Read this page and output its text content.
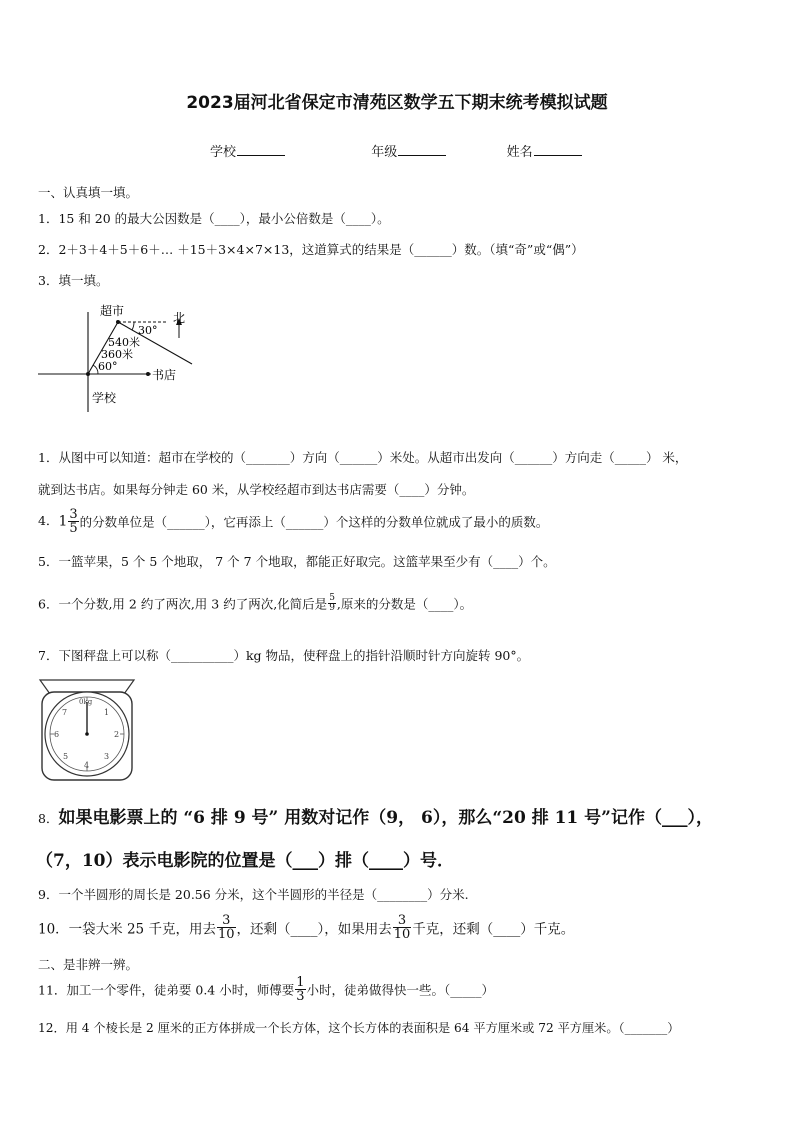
2023届河北省保定市清苑区数学五下期末统考模拟试题
学校	年级	姓名
一、认真填一填。
1．15 和 20 的最大公因数是（____），最小公倍数是（____）。
2．2＋3＋4＋5＋6＋… ＋15＋3×4×7×13，这道算式的结果是（______）数。（填“奇”或“偶”）
3．填一填。
超市	北
30°
540米
360米
60°
书店
学校
1．从图中可以知道：超市在学校的（_______）方向（______）米处。从超市出发向（______）方向走（_____） 米，
就到达书店。如果每分钟走 60 米，从学校经超市到达书店需要（____）分钟。
4．$1 \frac{3}{5}$ 的分数单位是（______），它再添上（______）个这样的分数单位就成了最小的质数。
5．一篮苹果，5 个 5 个地取， 7 个 7 个地取，都能正好取完。这篮苹果至少有（____）个。
6．一个分数,用 2 约了两次,用 3 约了两次,化简后是 $\frac{5}{9}$ ,原来的分数是（____）。
7．下图秤盘上可以称（__________）kg 物品，使秤盘上的指针沿顺时针方向旋转 90°。
0kg
1
2
3
4
5
6
7
8．如果电影票上的 “6 排 9 号” 用数对记作（9， 6），那么“20 排 11 号”记作（___），
（7，10）表示电影院的位置是（___）排（____）号．
9．一个半圆形的周长是 20.56 分米，这个半圆形的半径是（________）分米.
10．一袋大米 25 千克，用去 $\frac{3}{10}$ ，还剩（____），如果用去 $\frac{3}{10}$ 千克，还剩（____）千克。
二、是非辨一辨。
11．加工一个零件，徒弟要 0.4 小时，师傅要 $\frac{1}{3}$ 小时，徒弟做得快一些。（_____）
12．用 4 个棱长是 2 厘米的正方体拼成一个长方体，这个长方体的表面积是 64 平方厘米或 72 平方厘米。（_______）
